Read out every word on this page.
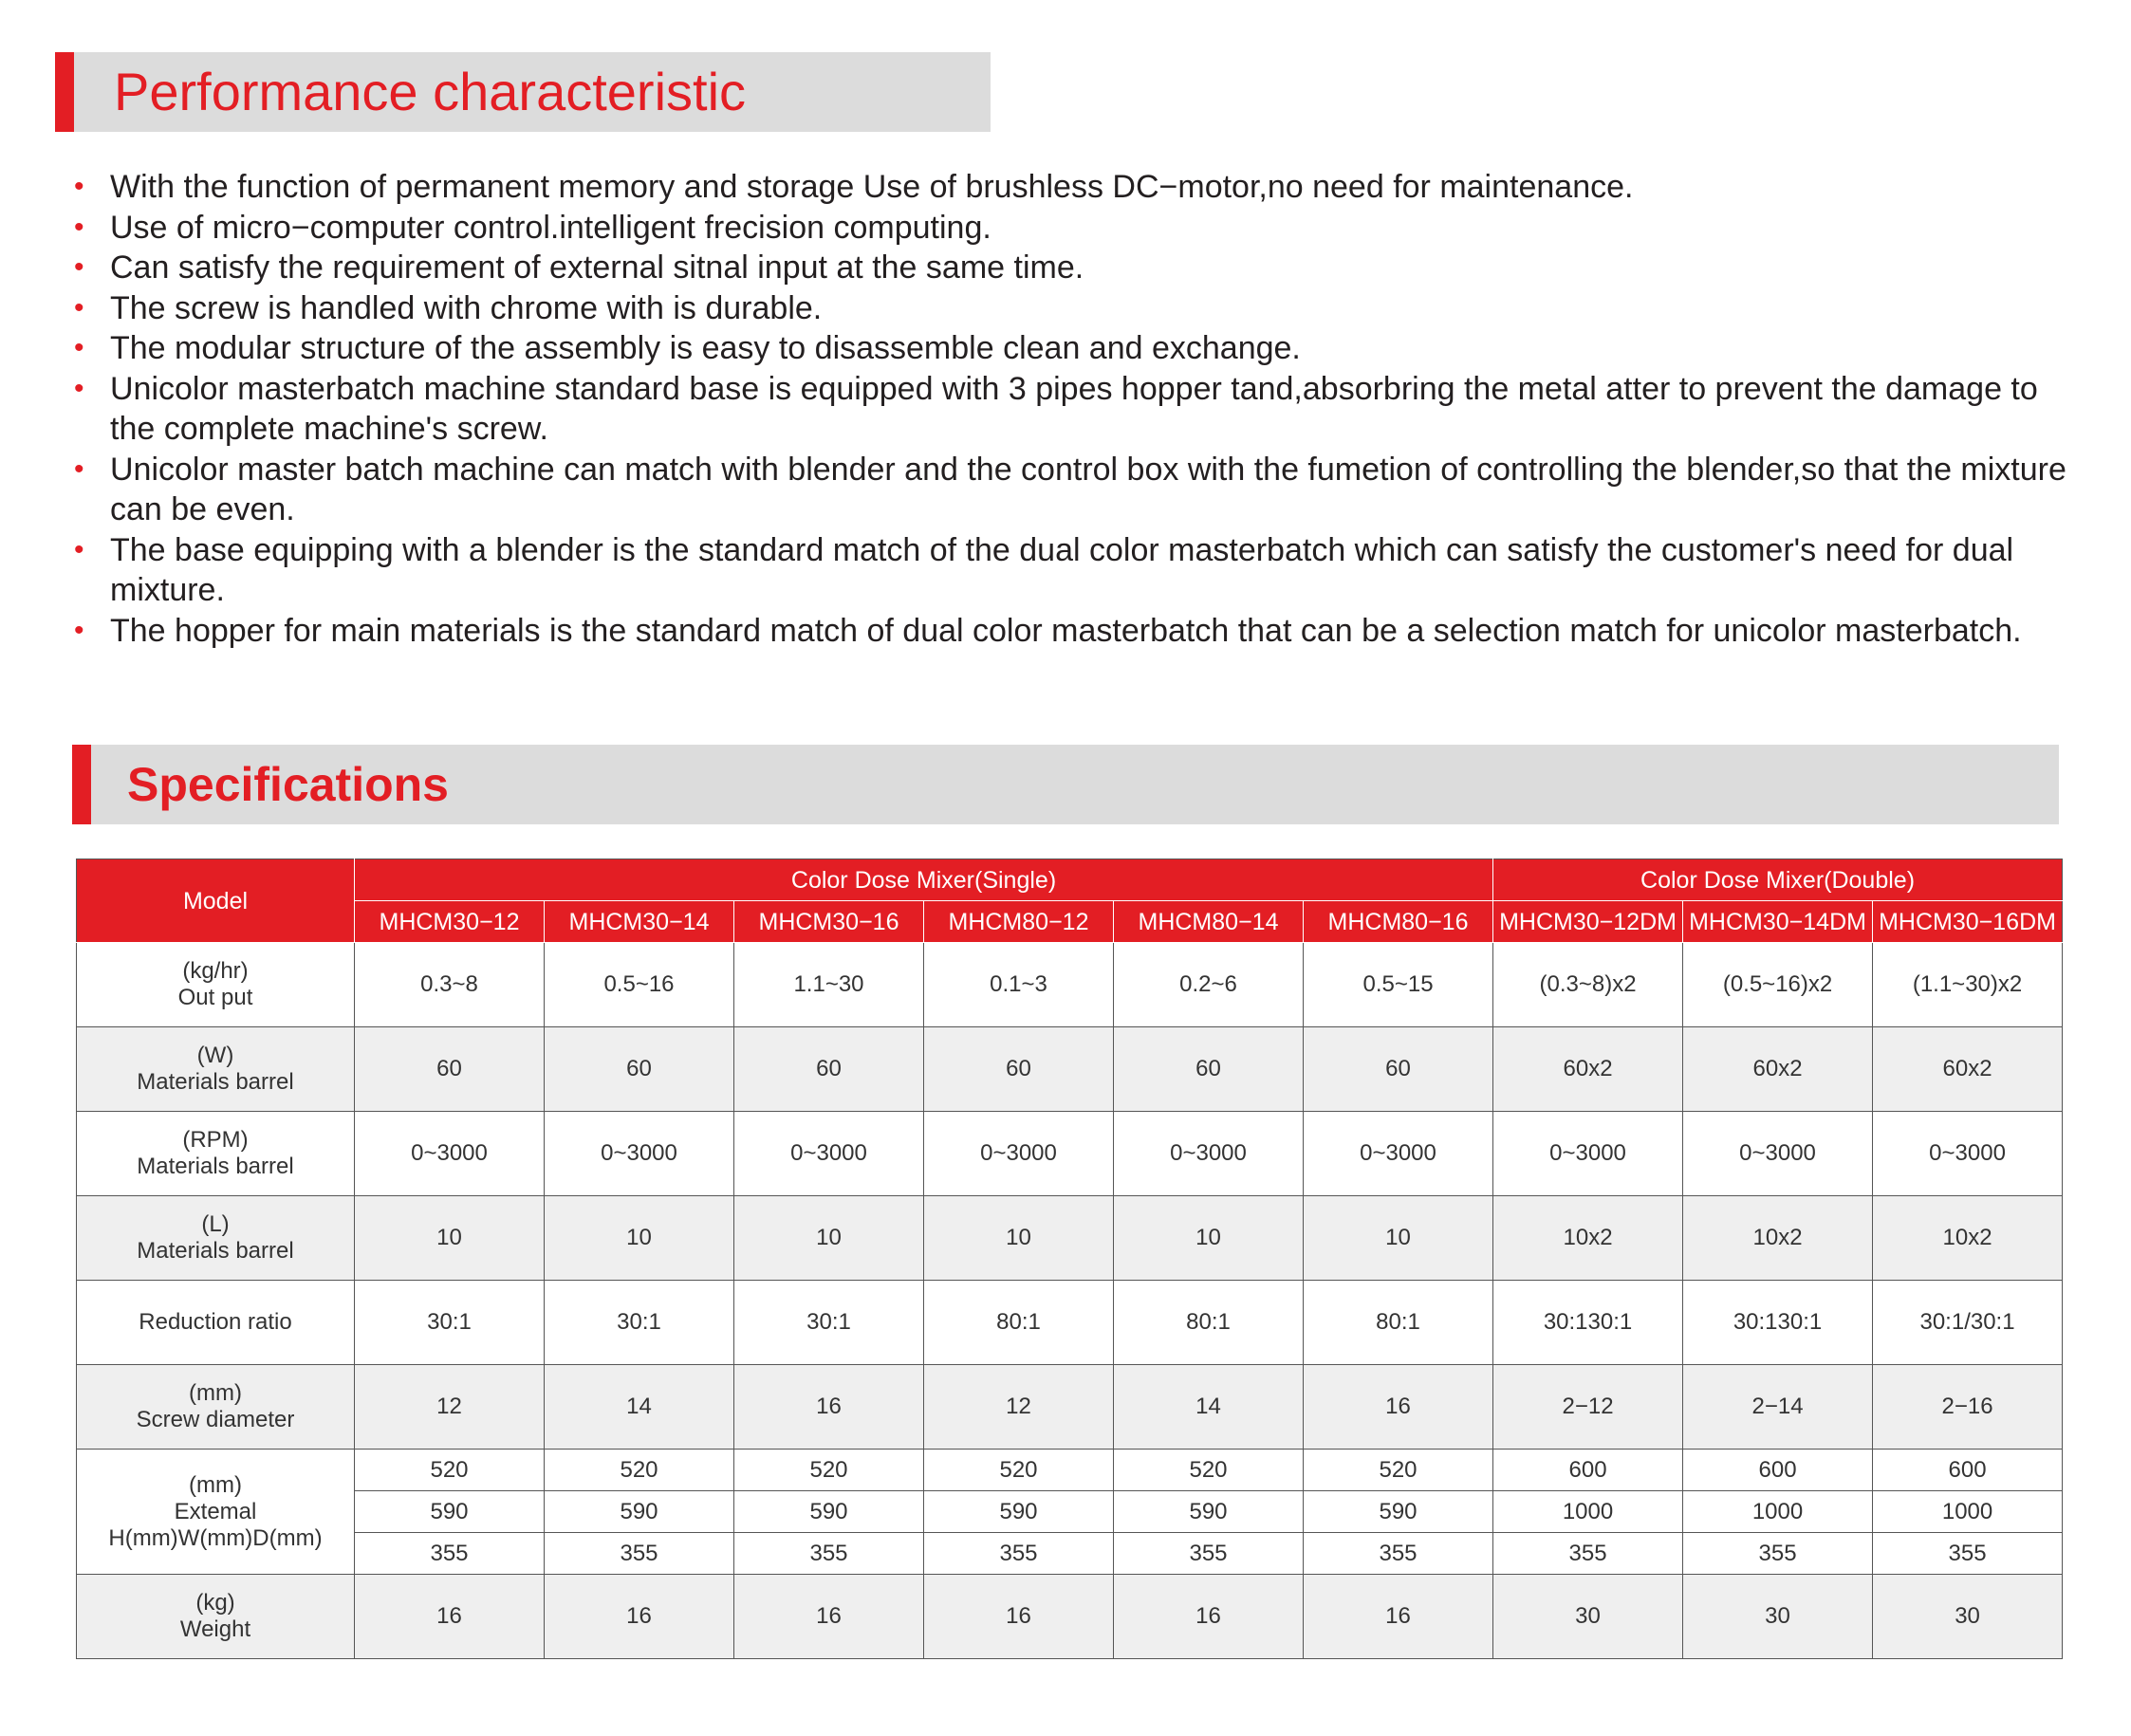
Performance characteristic
• With the function of permanent memory and storage Use of brushless DC−motor,no need for maintenance.
• Use of micro−computer control.intelligent frecision computing.
• Can satisfy the requirement of external sitnal input at the same time.
• The screw is handled with chrome with is durable.
• The modular structure of the assembly is easy to disassemble clean and exchange.
• Unicolor masterbatch machine standard base is equipped with 3 pipes hopper tand,absorbring the metal atter to prevent the damage to the complete machine's screw.
• Unicolor master batch machine can match with blender and the control box with the fumetion of controlling the blender,so that the mixture can be even.
• The base equipping with a blender is the standard match of the dual color masterbatch which can satisfy the customer's need for dual mixture.
• The hopper for main materials is the standard match of dual color masterbatch that can be a selection match for unicolor masterbatch.
Specifications
Model	Color Dose Mixer(Single)						Color Dose Mixer(Double)		
	MHCM30−12	MHCM30−14	MHCM30−16	MHCM80−12	MHCM80−14	MHCM80−16	MHCM30−12DM	MHCM30−14DM	MHCM30−16DM

(kg/hr)
Out put	0.3~8	0.5~16	1.1~30	0.1~3	0.2~6	0.5~15	(0.3~8)x2	(0.5~16)x2	(1.1~30)x2

(W)
Materials barrel	60	60	60	60	60	60	60x2	60x2	60x2

(RPM)
Materials barrel	0~3000	0~3000	0~3000	0~3000	0~3000	0~3000	0~3000	0~3000	0~3000

(L)
Materials barrel	10	10	10	10	10	10	10x2	10x2	10x2

Reduction ratio	30:1	30:1	30:1	80:1	80:1	80:1	30:130:1	30:130:1	30:1/30:1

(mm)
Screw diameter	12	14	16	12	14	16	2−12	2−14	2−16

(mm)
Extemal
H(mm)W(mm)D(mm)	520	520	520	520	520	520	600	600	600
	590	590	590	590	590	590	1000	1000	1000
	355	355	355	355	355	355	355	355	355

(kg)
Weight	16	16	16	16	16	16	30	30	30
